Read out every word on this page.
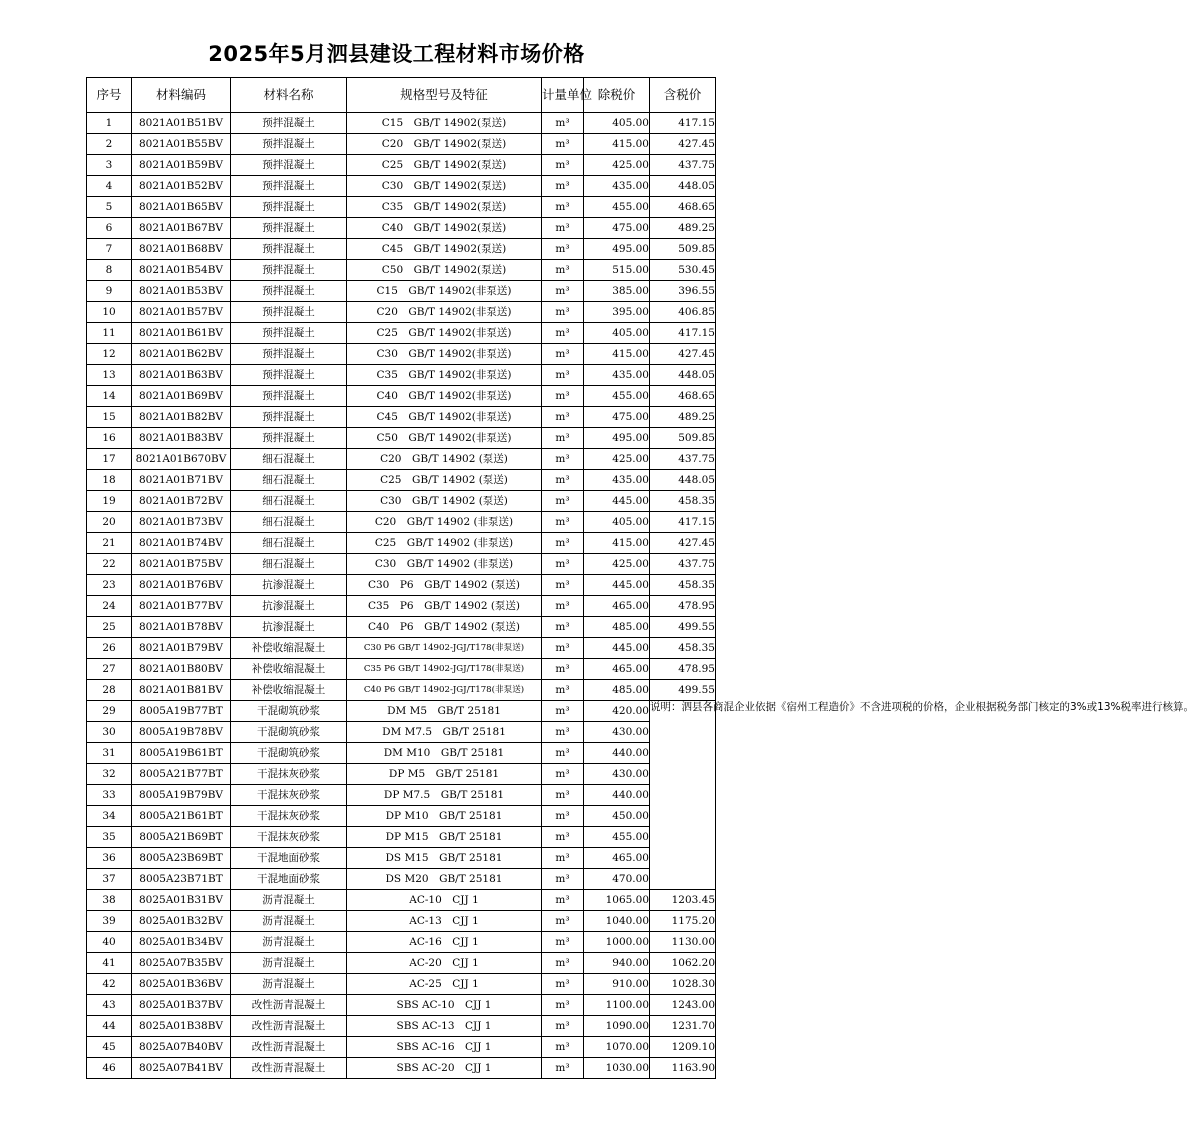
2025年5月泗县建设工程材料市场价格
序号	材料编码	材料名称	规格型号及特征	计量单位	除税价	含税价
1	8021A01B51BV	预拌混凝土	C15　GB/T 14902(泵送)	m³	405.00	417.15
2	8021A01B55BV	预拌混凝土	C20　GB/T 14902(泵送)	m³	415.00	427.45
3	8021A01B59BV	预拌混凝土	C25　GB/T 14902(泵送)	m³	425.00	437.75
4	8021A01B52BV	预拌混凝土	C30　GB/T 14902(泵送)	m³	435.00	448.05
5	8021A01B65BV	预拌混凝土	C35　GB/T 14902(泵送)	m³	455.00	468.65
6	8021A01B67BV	预拌混凝土	C40　GB/T 14902(泵送)	m³	475.00	489.25
7	8021A01B68BV	预拌混凝土	C45　GB/T 14902(泵送)	m³	495.00	509.85
8	8021A01B54BV	预拌混凝土	C50　GB/T 14902(泵送)	m³	515.00	530.45
9	8021A01B53BV	预拌混凝土	C15　GB/T 14902(非泵送)	m³	385.00	396.55
10	8021A01B57BV	预拌混凝土	C20　GB/T 14902(非泵送)	m³	395.00	406.85
11	8021A01B61BV	预拌混凝土	C25　GB/T 14902(非泵送)	m³	405.00	417.15
12	8021A01B62BV	预拌混凝土	C30　GB/T 14902(非泵送)	m³	415.00	427.45
13	8021A01B63BV	预拌混凝土	C35　GB/T 14902(非泵送)	m³	435.00	448.05
14	8021A01B69BV	预拌混凝土	C40　GB/T 14902(非泵送)	m³	455.00	468.65
15	8021A01B82BV	预拌混凝土	C45　GB/T 14902(非泵送)	m³	475.00	489.25
16	8021A01B83BV	预拌混凝土	C50　GB/T 14902(非泵送)	m³	495.00	509.85
17	8021A01B670BV	细石混凝土	C20　GB/T 14902 (泵送)	m³	425.00	437.75
18	8021A01B71BV	细石混凝土	C25　GB/T 14902 (泵送)	m³	435.00	448.05
19	8021A01B72BV	细石混凝土	C30　GB/T 14902 (泵送)	m³	445.00	458.35
20	8021A01B73BV	细石混凝土	C20　GB/T 14902 (非泵送)	m³	405.00	417.15
21	8021A01B74BV	细石混凝土	C25　GB/T 14902 (非泵送)	m³	415.00	427.45
22	8021A01B75BV	细石混凝土	C30　GB/T 14902 (非泵送)	m³	425.00	437.75
23	8021A01B76BV	抗渗混凝土	C30　P6　GB/T 14902 (泵送)	m³	445.00	458.35
24	8021A01B77BV	抗渗混凝土	C35　P6　GB/T 14902 (泵送)	m³	465.00	478.95
25	8021A01B78BV	抗渗混凝土	C40　P6　GB/T 14902 (泵送)	m³	485.00	499.55
26	8021A01B79BV	补偿收缩混凝土	C30 P6 GB/T 14902-JGJ/T178(非泵送)	m³	445.00	458.35
27	8021A01B80BV	补偿收缩混凝土	C35 P6 GB/T 14902-JGJ/T178(非泵送)	m³	465.00	478.95
28	8021A01B81BV	补偿收缩混凝土	C40 P6 GB/T 14902-JGJ/T178(非泵送)	m³	485.00	499.55
29	8005A19B77BT	干混砌筑砂浆	DM M5　GB/T 25181	m³	420.00	说明：泗县各商混企业依据《宿州工程造价》不含进项税的价格，企业根据税务部门核定的3%或13%税率进行核算。
30	8005A19B78BV	干混砌筑砂浆	DM M7.5　GB/T 25181	m³	430.00	
31	8005A19B61BT	干混砌筑砂浆	DM M10　GB/T 25181	m³	440.00	
32	8005A21B77BT	干混抹灰砂浆	DP M5　GB/T 25181	m³	430.00	
33	8005A19B79BV	干混抹灰砂浆	DP M7.5　GB/T 25181	m³	440.00	
34	8005A21B61BT	干混抹灰砂浆	DP M10　GB/T 25181	m³	450.00	
35	8005A21B69BT	干混抹灰砂浆	DP M15　GB/T 25181	m³	455.00	
36	8005A23B69BT	干混地面砂浆	DS M15　GB/T 25181	m³	465.00	
37	8005A23B71BT	干混地面砂浆	DS M20　GB/T 25181	m³	470.00	
38	8025A01B31BV	沥青混凝土	AC-10　CJJ 1	m³	1065.00	1203.45
39	8025A01B32BV	沥青混凝土	AC-13　CJJ 1	m³	1040.00	1175.20
40	8025A01B34BV	沥青混凝土	AC-16　CJJ 1	m³	1000.00	1130.00
41	8025A07B35BV	沥青混凝土	AC-20　CJJ 1	m³	940.00	1062.20
42	8025A01B36BV	沥青混凝土	AC-25　CJJ 1	m³	910.00	1028.30
43	8025A01B37BV	改性沥青混凝土	SBS AC-10　CJJ 1	m³	1100.00	1243.00
44	8025A01B38BV	改性沥青混凝土	SBS AC-13　CJJ 1	m³	1090.00	1231.70
45	8025A07B40BV	改性沥青混凝土	SBS AC-16　CJJ 1	m³	1070.00	1209.10
46	8025A07B41BV	改性沥青混凝土	SBS AC-20　CJJ 1	m³	1030.00	1163.90
